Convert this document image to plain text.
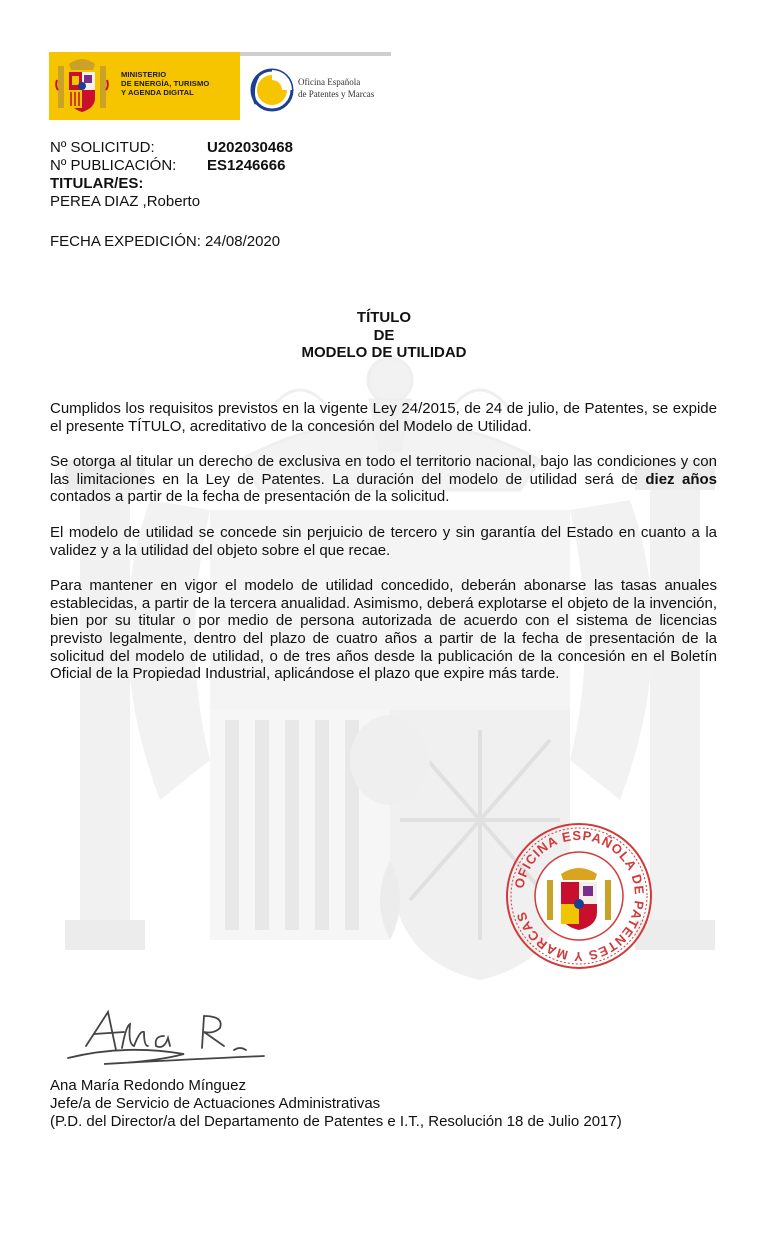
MINISTERIO
DE ENERGÍA, TURISMO
Y AGENDA DIGITAL
Oficina Española
de Patentes y Marcas
Nº SOLICITUD:	U202030468
Nº PUBLICACIÓN: ES1246666
TITULAR/ES:
PEREA DIAZ ,Roberto
FECHA EXPEDICIÓN: 24/08/2020
TÍTULO
DE
MODELO DE UTILIDAD

Cumplidos los requisitos previstos en la vigente Ley 24/2015, de 24 de julio, de Patentes, se expide el presente TÍTULO, acreditativo de la concesión del Modelo de Utilidad.

Se otorga al titular un derecho de exclusiva en todo el territorio nacional, bajo las condiciones y con las limitaciones en la Ley de Patentes. La duración del modelo de utilidad será de diez años contados a partir de la fecha de presentación de la solicitud.

El modelo de utilidad se concede sin perjuicio de tercero y sin garantía del Estado en cuanto a la validez y a la utilidad del objeto sobre el que recae.

Para mantener en vigor el modelo de utilidad concedido, deberán abonarse las tasas anuales establecidas, a partir de la tercera anualidad. Asimismo, deberá explotarse el objeto de la invención, bien por su titular o por medio de persona autorizada de acuerdo con el sistema de licencias previsto legalmente, dentro del plazo de cuatro años a partir de la fecha de presentación de la solicitud del modelo de utilidad, o de tres años desde la publicación de la concesión en el Boletín Oficial de la Propiedad Industrial, aplicándose el plazo que expire más tarde.

OFICINA ESPAÑOLA DE PATENTES Y MARCAS
Ana María Redondo Mínguez
Jefe/a de Servicio de Actuaciones Administrativas
(P.D. del Director/a del Departamento de Patentes e I.T., Resolución 18 de Julio 2017)
